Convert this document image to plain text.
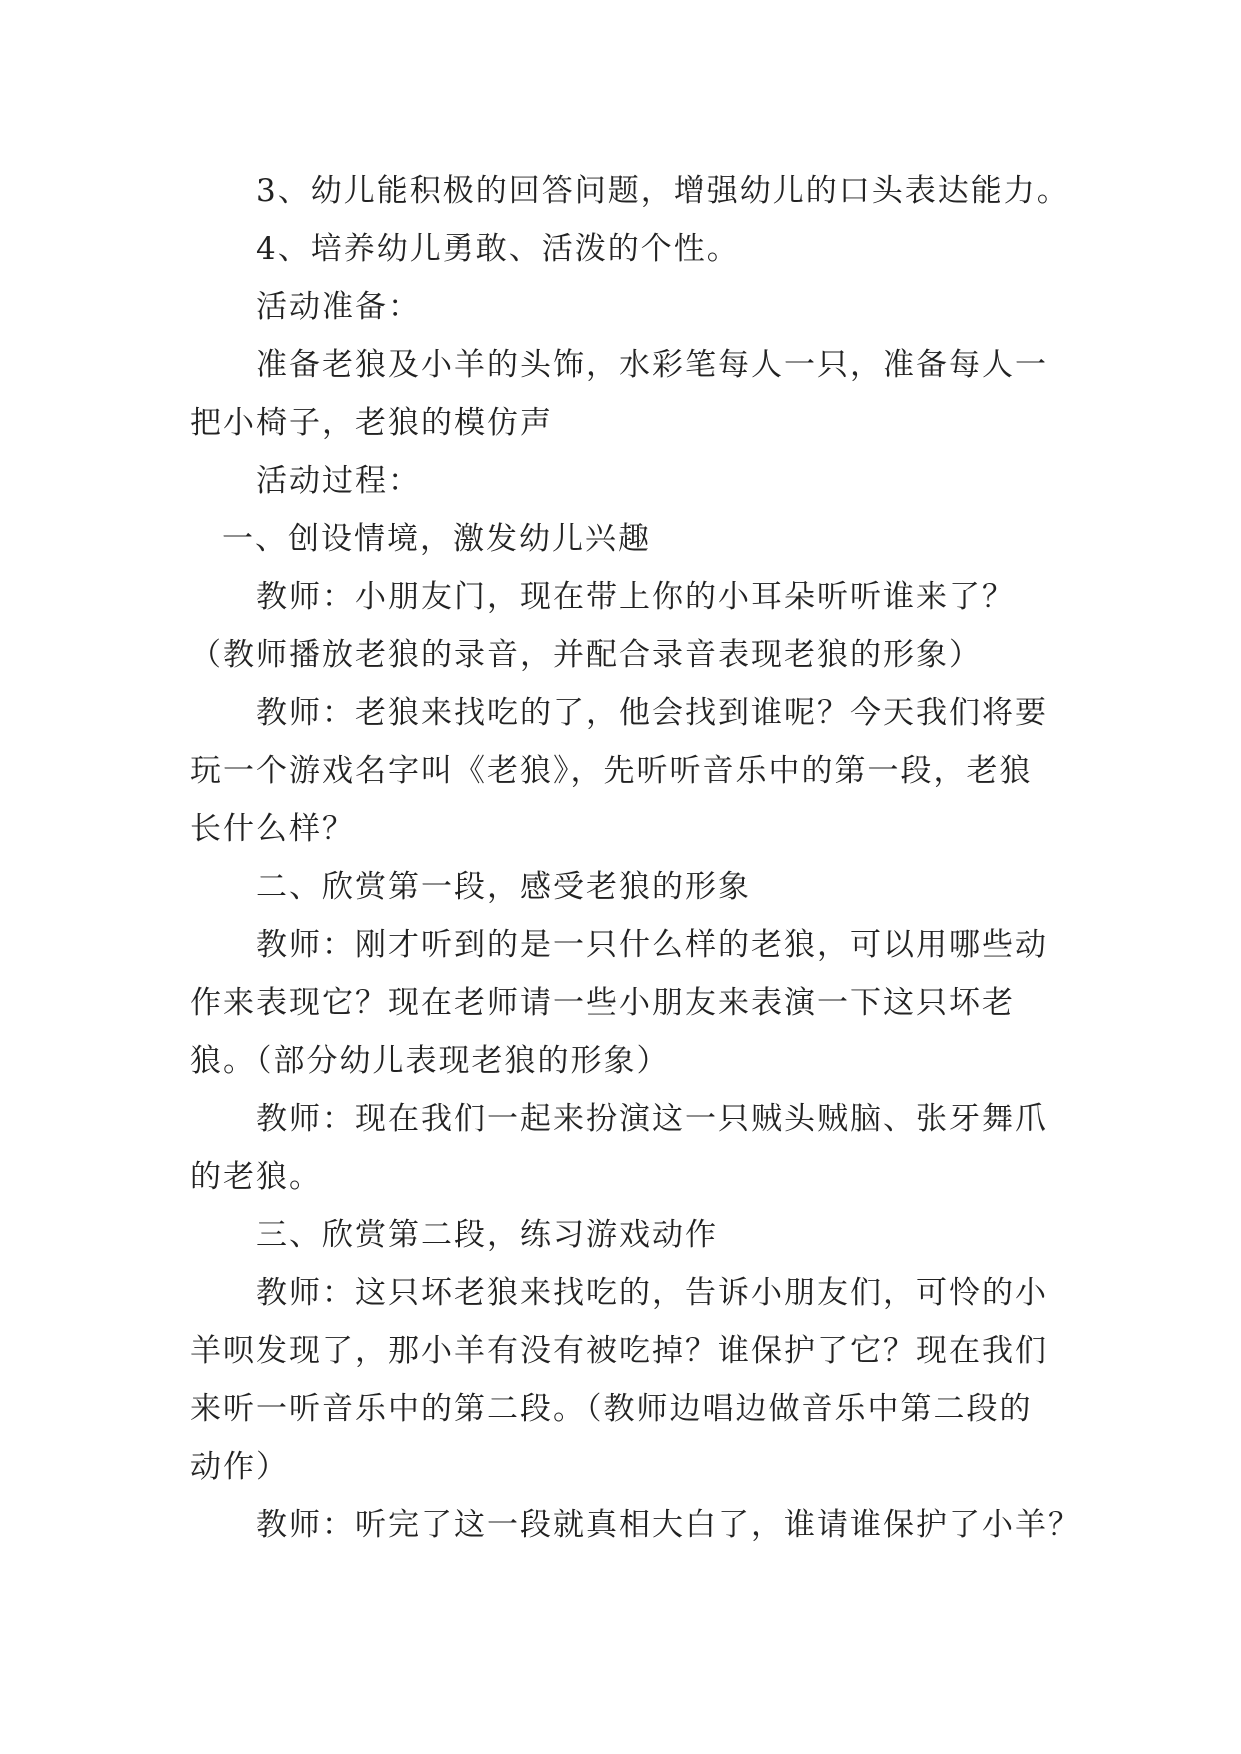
3、幼儿能积极的回答问题，增强幼儿的口头表达能力。
4、培养幼儿勇敢、活泼的个性。
活动准备：
准备老狼及小羊的头饰，水彩笔每人一只，准备每人一
把小椅子，老狼的模仿声
活动过程：
一、创设情境，激发幼儿兴趣
教师：小朋友门，现在带上你的小耳朵听听谁来了？
（教师播放老狼的录音，并配合录音表现老狼的形象）
教师：老狼来找吃的了，他会找到谁呢？今天我们将要
玩一个游戏名字叫《老狼》，先听听音乐中的第一段，老狼
长什么样？
二、欣赏第一段，感受老狼的形象
教师：刚才听到的是一只什么样的老狼，可以用哪些动
作来表现它？现在老师请一些小朋友来表演一下这只坏老
狼。（部分幼儿表现老狼的形象）
教师：现在我们一起来扮演这一只贼头贼脑、张牙舞爪
的老狼。
三、欣赏第二段，练习游戏动作
教师：这只坏老狼来找吃的，告诉小朋友们，可怜的小
羊呗发现了，那小羊有没有被吃掉？谁保护了它？现在我们
来听一听音乐中的第二段。（教师边唱边做音乐中第二段的
动作）
教师：听完了这一段就真相大白了，谁请谁保护了小羊？
